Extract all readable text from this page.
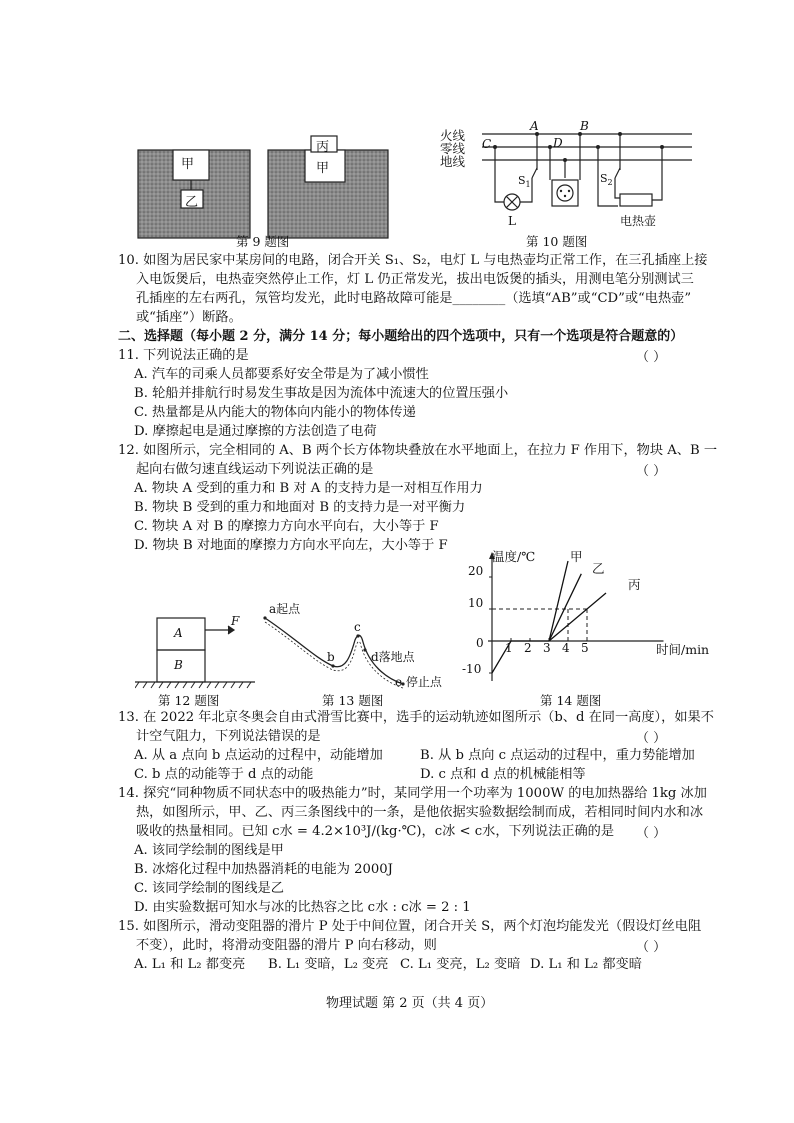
甲
乙
丙
甲
第 9 题图
火线
零线
地线
A	B
C	D
$S_1$	$S_2$
L	电热壶
第 10 题图
10. 如图为居民家中某房间的电路，闭合开关 S₁、S₂，电灯 L 与电热壶均正常工作，在三孔插座上接
入电饭煲后，电热壶突然停止工作，灯 L 仍正常发光，拔出电饭煲的插头，用测电笔分别测试三
孔插座的左右两孔，氖管均发光，此时电路故障可能是________（选填“AB”或“CD”或“电热壶”
或“插座”）断路。
二、选择题（每小题 2 分，满分 14 分；每小题给出的四个选项中，只有一个选项是符合题意的）
11. 下列说法正确的是	（ ）
A. 汽车的司乘人员都要系好安全带是为了减小惯性
B. 轮船并排航行时易发生事故是因为流体中流速大的位置压强小
C. 热量都是从内能大的物体向内能小的物体传递
D. 摩擦起电是通过摩擦的方法创造了电荷
12. 如图所示，完全相同的 A、B 两个长方体物块叠放在水平地面上，在拉力 F 作用下，物块 A、B 一
起向右做匀速直线运动下列说法正确的是	（ ）
A. 物块 A 受到的重力和 B 对 A 的支持力是一对相互作用力
B. 物块 B 受到的重力和地面对 B 的支持力是一对平衡力
C. 物块 A 对 B 的摩擦力方向水平向右，大小等于 F
D. 物块 B 对地面的摩擦力方向水平向左，大小等于 F
A
B
F
第 12 题图
a起点
b
c
d落地点
e 停止点
第 13 题图
温度/℃
时间/min
甲
乙
丙
20
10
0
-10
1 2 3 4 5
第 14 题图
13. 在 2022 年北京冬奥会自由式滑雪比赛中，选手的运动轨迹如图所示（b、d 在同一高度），如果不
计空气阻力，下列说法错误的是	（ ）
A. 从 a 点向 b 点运动的过程中，动能增加	B. 从 b 点向 c 点运动的过程中，重力势能增加
C. b 点的动能等于 d 点的动能	D. c 点和 d 点的机械能相等
14. 探究“同种物质不同状态中的吸热能力”时，某同学用一个功率为 1000W 的电加热器给 1kg 冰加
热，如图所示，甲、乙、丙三条图线中的一条，是他依据实验数据绘制而成，若相同时间内水和冰
吸收的热量相同。已知 c水 = 4.2×10³J/(kg·℃)，c冰 < c水，下列说法正确的是 （ ）
A. 该同学绘制的图线是甲
B. 冰熔化过程中加热器消耗的电能为 2000J
C. 该同学绘制的图线是乙
D. 由实验数据可知水与冰的比热容之比 c水 : c冰 = 2 : 1
15. 如图所示，滑动变阻器的滑片 P 处于中间位置，闭合开关 S，两个灯泡均能发光（假设灯丝电阻
不变），此时，将滑动变阻器的滑片 P 向右移动，则	（ ）
A. L₁ 和 L₂ 都变亮 B. L₁ 变暗，L₂ 变亮 C. L₁ 变亮，L₂ 变暗 D. L₁ 和 L₂ 都变暗
物理试题 第 2 页（共 4 页）
